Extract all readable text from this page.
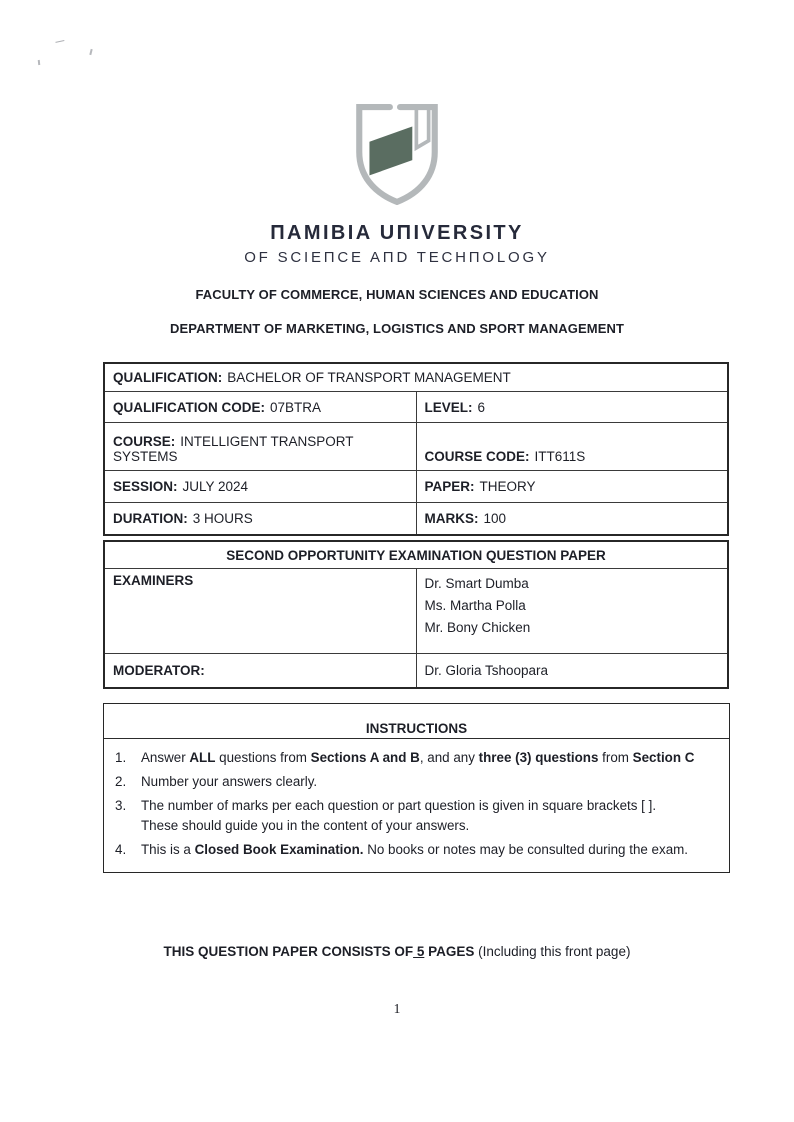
ΠAMIBIA UΠIVERSITY
OF SCIEΠCE AΠD TECHΠOLOGY
FACULTY OF COMMERCE, HUMAN SCIENCES AND EDUCATION
DEPARTMENT OF MARKETING, LOGISTICS AND SPORT MANAGEMENT
QUALIFICATION: BACHELOR OF TRANSPORT MANAGEMENT	
QUALIFICATION CODE: 07BTRA	LEVEL: 6
COURSE: INTELLIGENT TRANSPORT SYSTEMS	COURSE CODE: ITT611S
SESSION: JULY 2024	PAPER: THEORY
DURATION: 3 HOURS	MARKS: 100
SECOND OPPORTUNITY EXAMINATION QUESTION PAPER	
EXAMINERS	Dr. Smart Dumba
Ms. Martha Polla
Mr. Bony Chicken

MODERATOR:	Dr. Gloria Tshoopara
INSTRUCTIONS
1.	Answer ALL questions from Sections A and B, and any three (3) questions from Section C
2.	Number your answers clearly.
3.	The number of marks per each question or part question is given in square brackets [ ].
These should guide you in the content of your answers.
4.	This is a Closed Book Examination. No books or notes may be consulted during the exam.
THIS QUESTION PAPER CONSISTS OF 5 PAGES (Including this front page)
1
